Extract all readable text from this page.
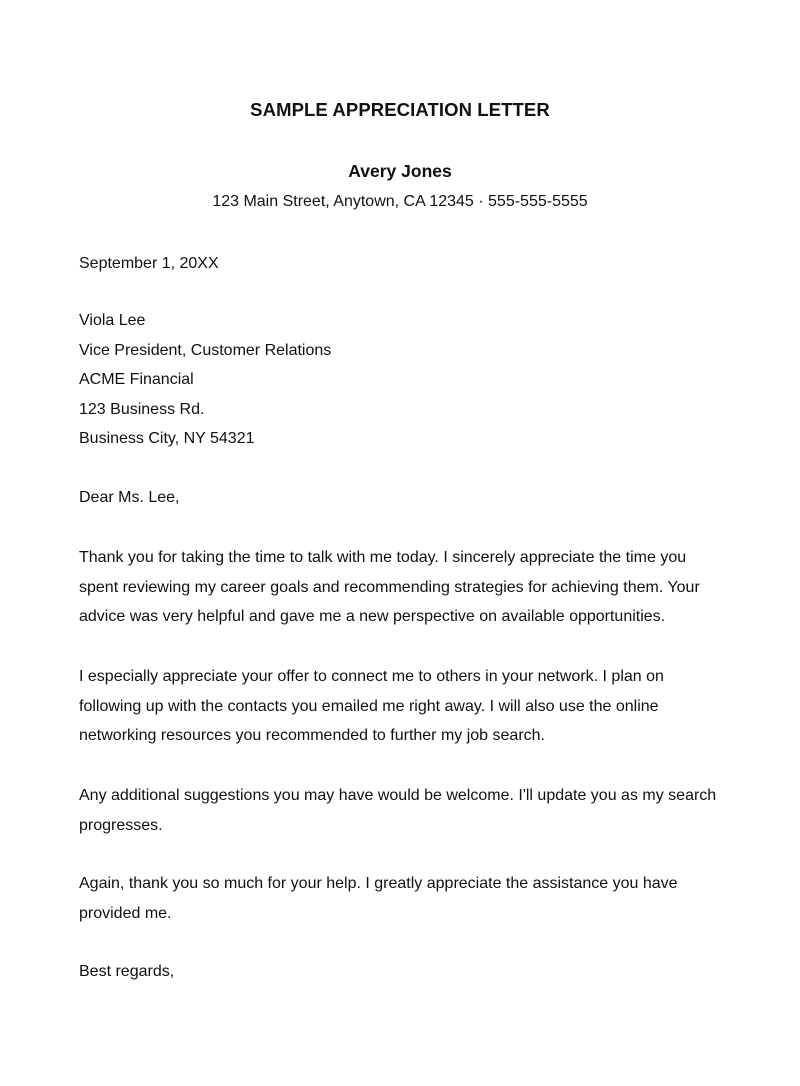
SAMPLE APPRECIATION LETTER
Avery Jones
123 Main Street, Anytown, CA 12345 · 555-555-5555
September 1, 20XX
Viola Lee
Vice President, Customer Relations
ACME Financial
123 Business Rd.
Business City, NY 54321
Dear Ms. Lee,

Thank you for taking the time to talk with me today. I sincerely appreciate the time you spent reviewing my career goals and recommending strategies for achieving them. Your advice was very helpful and gave me a new perspective on available opportunities.

I especially appreciate your offer to connect me to others in your network. I plan on following up with the contacts you emailed me right away. I will also use the online networking resources you recommended to further my job search.

Any additional suggestions you may have would be welcome. I'll update you as my search progresses.

Again, thank you so much for your help. I greatly appreciate the assistance you have provided me.

Best regards,
